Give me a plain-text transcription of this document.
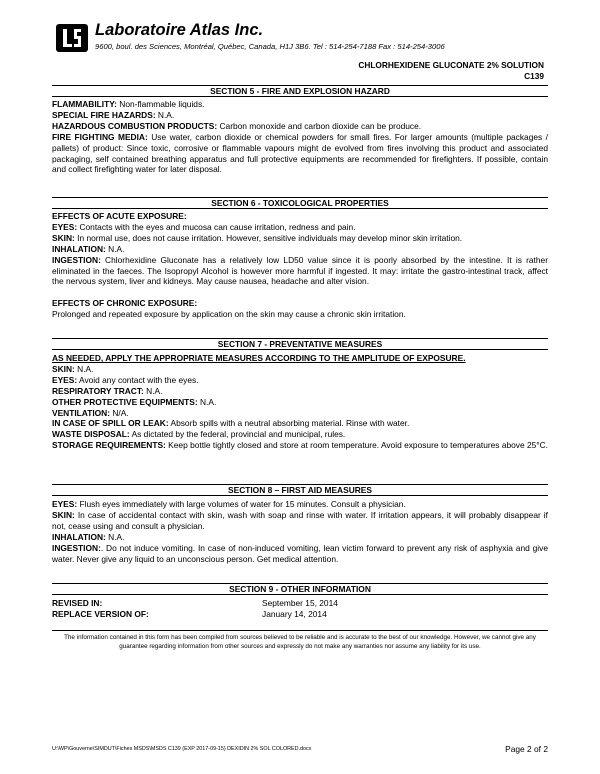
Laboratoire Atlas Inc.
9600, boul. des Sciences, Montréal, Québec, Canada, H1J 3B6. Tel : 514-254-7188 Fax : 514-254-3006
CHLORHEXIDENE GLUCONATE 2% SOLUTION
C139
SECTION 5 - FIRE AND EXPLOSION HAZARD

FLAMMABILITY: Non-flammable liquids.

SPECIAL FIRE HAZARDS: N.A.

HAZARDOUS COMBUSTION PRODUCTS: Carbon monoxide and carbon dioxide can be produce.

FIRE FIGHTING MEDIA: Use water, carbon dioxide or chemical powders for small fires. For larger amounts (multiple packages / pallets) of product: Since toxic, corrosive or flammable vapours might de evolved from fires involving this product and associated packaging, self contained breathing apparatus and full protective equipments are recommended for firefighters. If possible, contain and collect firefighting water for later disposal.

SECTION 6 - TOXICOLOGICAL PROPERTIES

EFFECTS OF ACUTE EXPOSURE:

EYES: Contacts with the eyes and mucosa can cause irritation, redness and pain.

SKIN: In normal use, does not cause irritation. However, sensitive individuals may develop minor skin irritation.

INHALATION: N.A.

INGESTION: Chlorhexidine Gluconate has a relatively low LD50 value since it is poorly absorbed by the intestine. It is rather eliminated in the faeces. The Isopropyl Alcohol is however more harmful if ingested. It may: irritate the gastro-intestinal track, affect the nervous system, liver and kidneys. May cause nausea, headache and alter vision.

EFFECTS OF CHRONIC EXPOSURE:

Prolonged and repeated exposure by application on the skin may cause a chronic skin irritation.

SECTION 7 - PREVENTATIVE MEASURES

AS NEEDED, APPLY THE APPROPRIATE MEASURES ACCORDING TO THE AMPLITUDE OF EXPOSURE.

SKIN: N.A.

EYES: Avoid any contact with the eyes.

RESPIRATORY TRACT: N.A.

OTHER PROTECTIVE EQUIPMENTS: N.A.

VENTILATION: N/A.

IN CASE OF SPILL OR LEAK: Absorb spills with a neutral absorbing material. Rinse with water.

WASTE DISPOSAL: As dictated by the federal, provincial and municipal, rules.

STORAGE REQUIREMENTS: Keep bottle tightly closed and store at room temperature. Avoid exposure to temperatures above 25°C.

SECTION 8 – FIRST AID MEASURES

EYES: Flush eyes immediately with large volumes of water for 15 minutes. Consult a physician.

SKIN: In case of accidental contact with skin, wash with soap and rinse with water. If irritation appears, it will probably disappear if not, cease using and consult a physician.

INHALATION: N.A.

INGESTION:. Do not induce vomiting. In case of non-induced vomiting, lean victim forward to prevent any risk of asphyxia and give water. Never give any liquid to an unconscious person. Get medical attention.

SECTION 9 - OTHER INFORMATION
REVISED IN:	September 15, 2014
REPLACE VERSION OF:	January 14, 2014
The information contained in this form has been compiled from sources believed to be reliable and is accurate to the best of our knowledge. However, we cannot give any guarantee regarding information from other sources and expressly do not make any warranties nor assume any liability for its use.
U:\WP\Gouverne\SIMDUT\Fiches MSDS\MSDS C139 (EXP 2017-09-15) DEXIDIN 2% SOL COLORED.docx	Page 2 of 2
